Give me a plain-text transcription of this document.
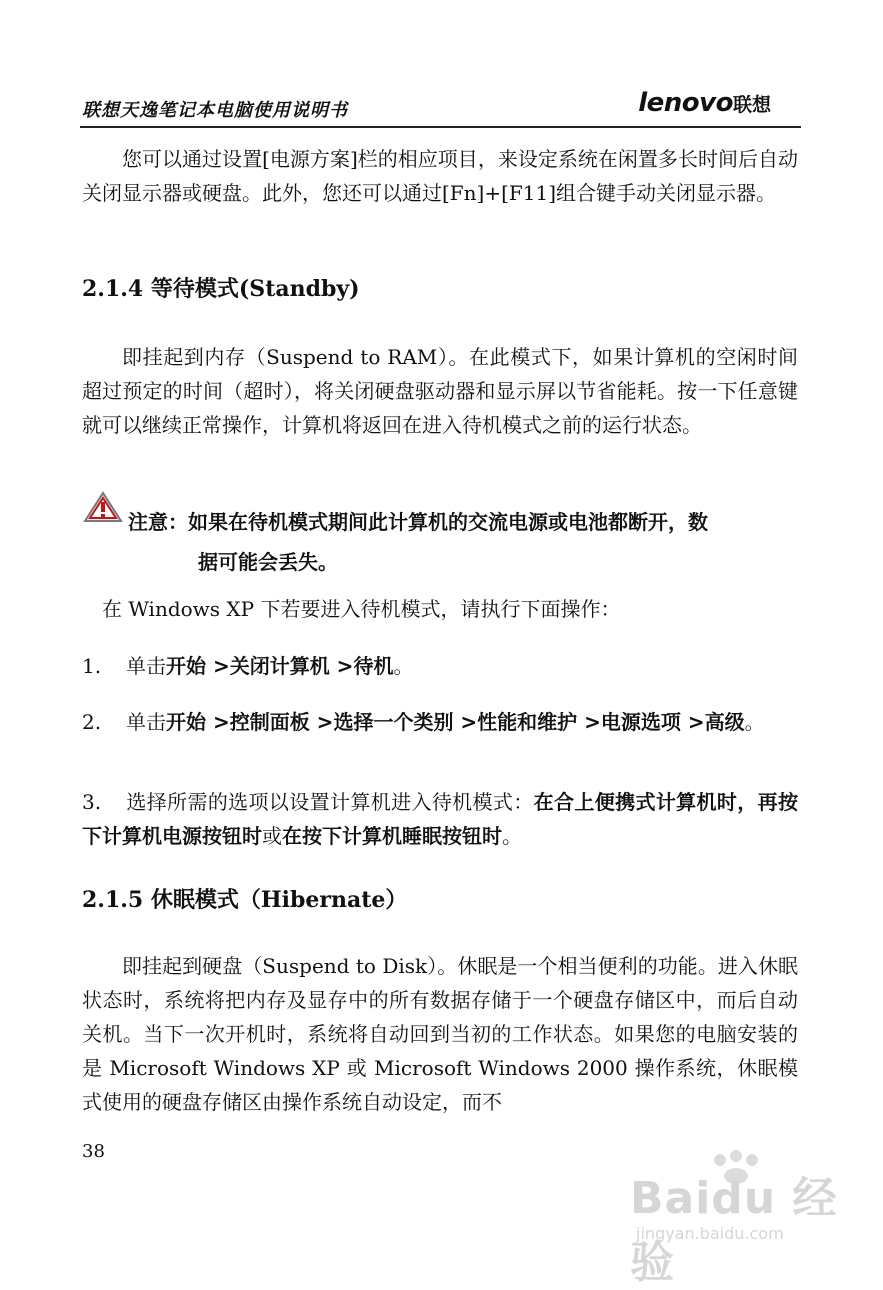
联想天逸笔记本电脑使用说明书	lenovo联想

您可以通过设置[电源方案]栏的相应项目，来设定系统在闲置多长时间后自动关闭显示器或硬盘。此外，您还可以通过[Fn]+[F11]组合键手动关闭显示器。

2.1.4 等待模式(Standby)

即挂起到内存（Suspend to RAM）。在此模式下，如果计算机的空闲时间超过预定的时间（超时），将关闭硬盘驱动器和显示屏以节省能耗。按一下任意键就可以继续正常操作，计算机将返回在进入待机模式之前的运行状态。

注意：如果在待机模式期间此计算机的交流电源或电池都断开，数

据可能会丢失。

在 Windows XP 下若要进入待机模式，请执行下面操作：

1. 单击开始 >关闭计算机 >待机。

2. 单击开始 >控制面板 >选择一个类别 >性能和维护 >电源选项 >高级。

3. 选择所需的选项以设置计算机进入待机模式：在合上便携式计算机时，再按下计算机电源按钮时或在按下计算机睡眠按钮时。

2.1.5 休眠模式（Hibernate）

即挂起到硬盘（Suspend to Disk）。休眠是一个相当便利的功能。进入休眠状态时，系统将把内存及显存中的所有数据存储于一个硬盘存储区中，而后自动关机。当下一次开机时，系统将自动回到当初的工作状态。如果您的电脑安装的是 Microsoft Windows XP 或 Microsoft Windows 2000 操作系统，休眠模式使用的硬盘存储区由操作系统自动设定，而不

38
Baidu 经验
jingyan.baidu.com
